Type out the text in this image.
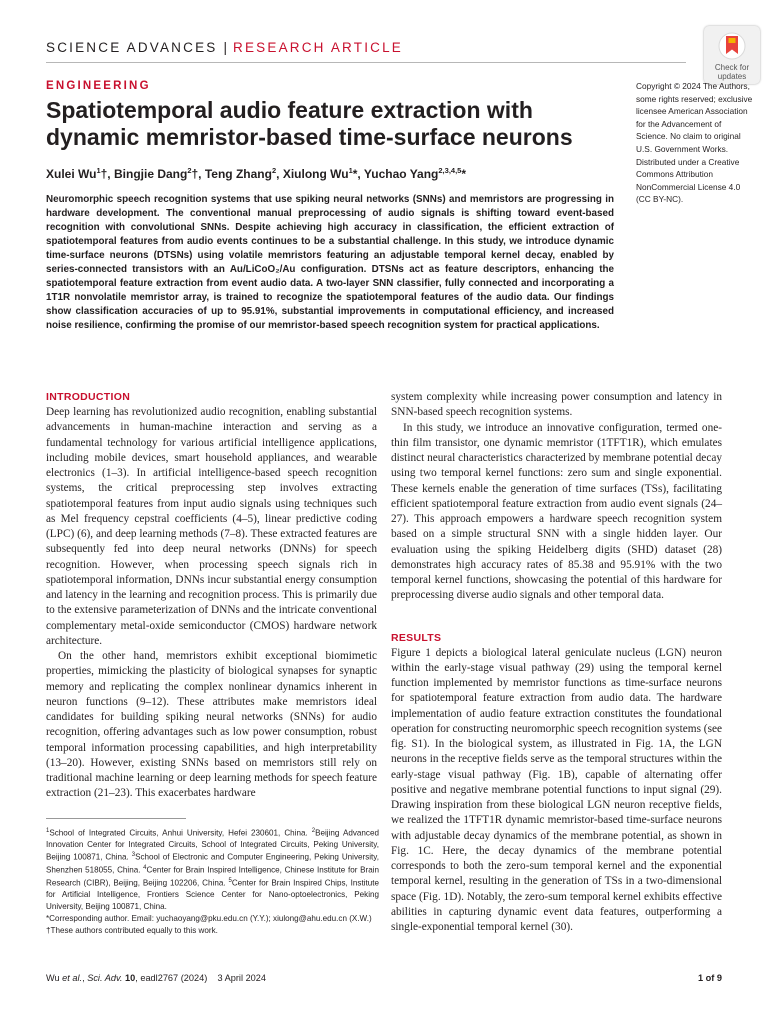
SCIENCE ADVANCES | RESEARCH ARTICLE
Check for updates
ENGINEERING
Spatiotemporal audio feature extraction with dynamic memristor-based time-surface neurons
Xulei Wu$^1$†, Bingjie Dang$^2$†, Teng Zhang$^2$, Xiulong Wu$^1$*, Yuchao Yang$^{2,3,4,5}$*

Neuromorphic speech recognition systems that use spiking neural networks (SNNs) and memristors are progressing in hardware development. The conventional manual preprocessing of audio signals is shifting toward event-based recognition with convolutional SNNs. Despite achieving high accuracy in classification, the efficient extraction of spatiotemporal features from audio events continues to be a substantial challenge. In this study, we introduce dynamic time-surface neurons (DTSNs) using volatile memristors featuring an adjustable temporal kernel decay, enabled by series-connected transistors with an Au/LiCoO₂/Au configuration. DTSNs act as feature descriptors, enhancing the spatiotemporal feature extraction from event audio data. A two-layer SNN classifier, fully connected and incorporating a 1T1R nonvolatile memristor array, is trained to recognize the spatiotemporal features of the audio data. Our findings show classification accuracies of up to 95.91%, substantial improvements in computational efficiency, and increased noise resilience, confirming the promise of our memristor-based speech recognition system for practical applications.

Copyright © 2024 The Authors, some rights reserved; exclusive licensee American Association for the Advancement of Science. No claim to original U.S. Government Works. Distributed under a Creative Commons Attribution NonCommercial License 4.0 (CC BY-NC).

INTRODUCTION

Deep learning has revolutionized audio recognition, enabling substantial advancements in human-machine interaction and serving as a fundamental technology for various artificial intelligence applications, including mobile devices, smart household appliances, and wearable electronics (1–3). In artificial intelligence-based speech recognition systems, the critical preprocessing step involves extracting spatiotemporal features from input audio signals using techniques such as Mel frequency cepstral coefficients (4–5), linear predictive coding (LPC) (6), and deep learning methods (7–8). These extracted features are subsequently fed into deep neural networks (DNNs) for speech recognition. However, when processing speech signals rich in spatiotemporal information, DNNs incur substantial energy consumption and latency in the learning and recognition process. This is primarily due to the extensive parameterization of DNNs and the intricate conventional complementary metal-oxide semiconductor (CMOS) hardware network architecture.

On the other hand, memristors exhibit exceptional biomimetic properties, mimicking the plasticity of biological synapses for synaptic memory and replicating the complex nonlinear dynamics inherent in neuron functions (9–12). These attributes make memristors ideal candidates for building spiking neural networks (SNNs) for audio recognition, offering advantages such as low power consumption, robust temporal information processing capabilities, and high interpretability (13–20). However, existing SNNs based on memristors still rely on traditional machine learning or deep learning methods for speech feature extraction (21–23). This exacerbates hardware

system complexity while increasing power consumption and latency in SNN-based speech recognition systems.

In this study, we introduce an innovative configuration, termed one-thin film transistor, one dynamic memristor (1TFT1R), which emulates distinct neural characteristics characterized by membrane potential decay using two temporal kernel functions: zero sum and single exponential. These kernels enable the generation of time surfaces (TSs), facilitating efficient spatiotemporal feature extraction from audio event signals (24–27). This approach empowers a hardware speech recognition system based on a simple structural SNN with a single hidden layer. Our evaluation using the spiking Heidelberg digits (SHD) dataset (28) demonstrates high accuracy rates of 85.38 and 95.91% with the two temporal kernel functions, showcasing the potential of this hardware for preprocessing diverse audio signals and other temporal data.

RESULTS

Figure 1 depicts a biological lateral geniculate nucleus (LGN) neuron within the early-stage visual pathway (29) using the temporal kernel function implemented by memristor functions as time-surface neurons for spatiotemporal feature extraction from audio data. The hardware implementation of audio feature extraction constitutes the foundational operation for constructing neuromorphic speech recognition systems (see fig. S1). In the biological system, as illustrated in Fig. 1A, the LGN neurons in the receptive fields serve as the temporal structures within the early-stage visual pathway (Fig. 1B), capable of alternating offer positive and negative membrane potential functions to input signal (29). Drawing inspiration from these biological LGN neuron receptive fields, we realized the 1TFT1R dynamic memristor-based time-surface neurons with adjustable decay dynamics of the membrane potential, as shown in Fig. 1C. Here, the decay dynamics of the membrane potential corresponds to both the zero-sum temporal kernel and the exponential temporal kernel, resulting in the generation of TSs in a two-dimensional space (Fig. 1D). Notably, the zero-sum temporal kernel exhibits effective abilities in capturing dynamic event data features, outperforming a single-exponential temporal kernel (30).

$^1$School of Integrated Circuits, Anhui University, Hefei 230601, China. $^2$Beijing Advanced Innovation Center for Integrated Circuits, School of Integrated Circuits, Peking University, Beijing 100871, China. $^3$School of Electronic and Computer Engineering, Peking University, Shenzhen 518055, China. $^4$Center for Brain Inspired Intelligence, Chinese Institute for Brain Research (CIBR), Beijing, Beijing 102206, China. $^5$Center for Brain Inspired Chips, Institute for Artificial Intelligence, Frontiers Science Center for Nano-optoelectronics, Peking University, Beijing 100871, China.

*Corresponding author. Email: yuchaoyang@pku.edu.cn (Y.Y.); xiulong@ahu.edu.cn (X.W.)

†These authors contributed equally to this work.

Wu et al., Sci. Adv. 10, eadl2767 (2024) 3 April 2024	1 of 9
